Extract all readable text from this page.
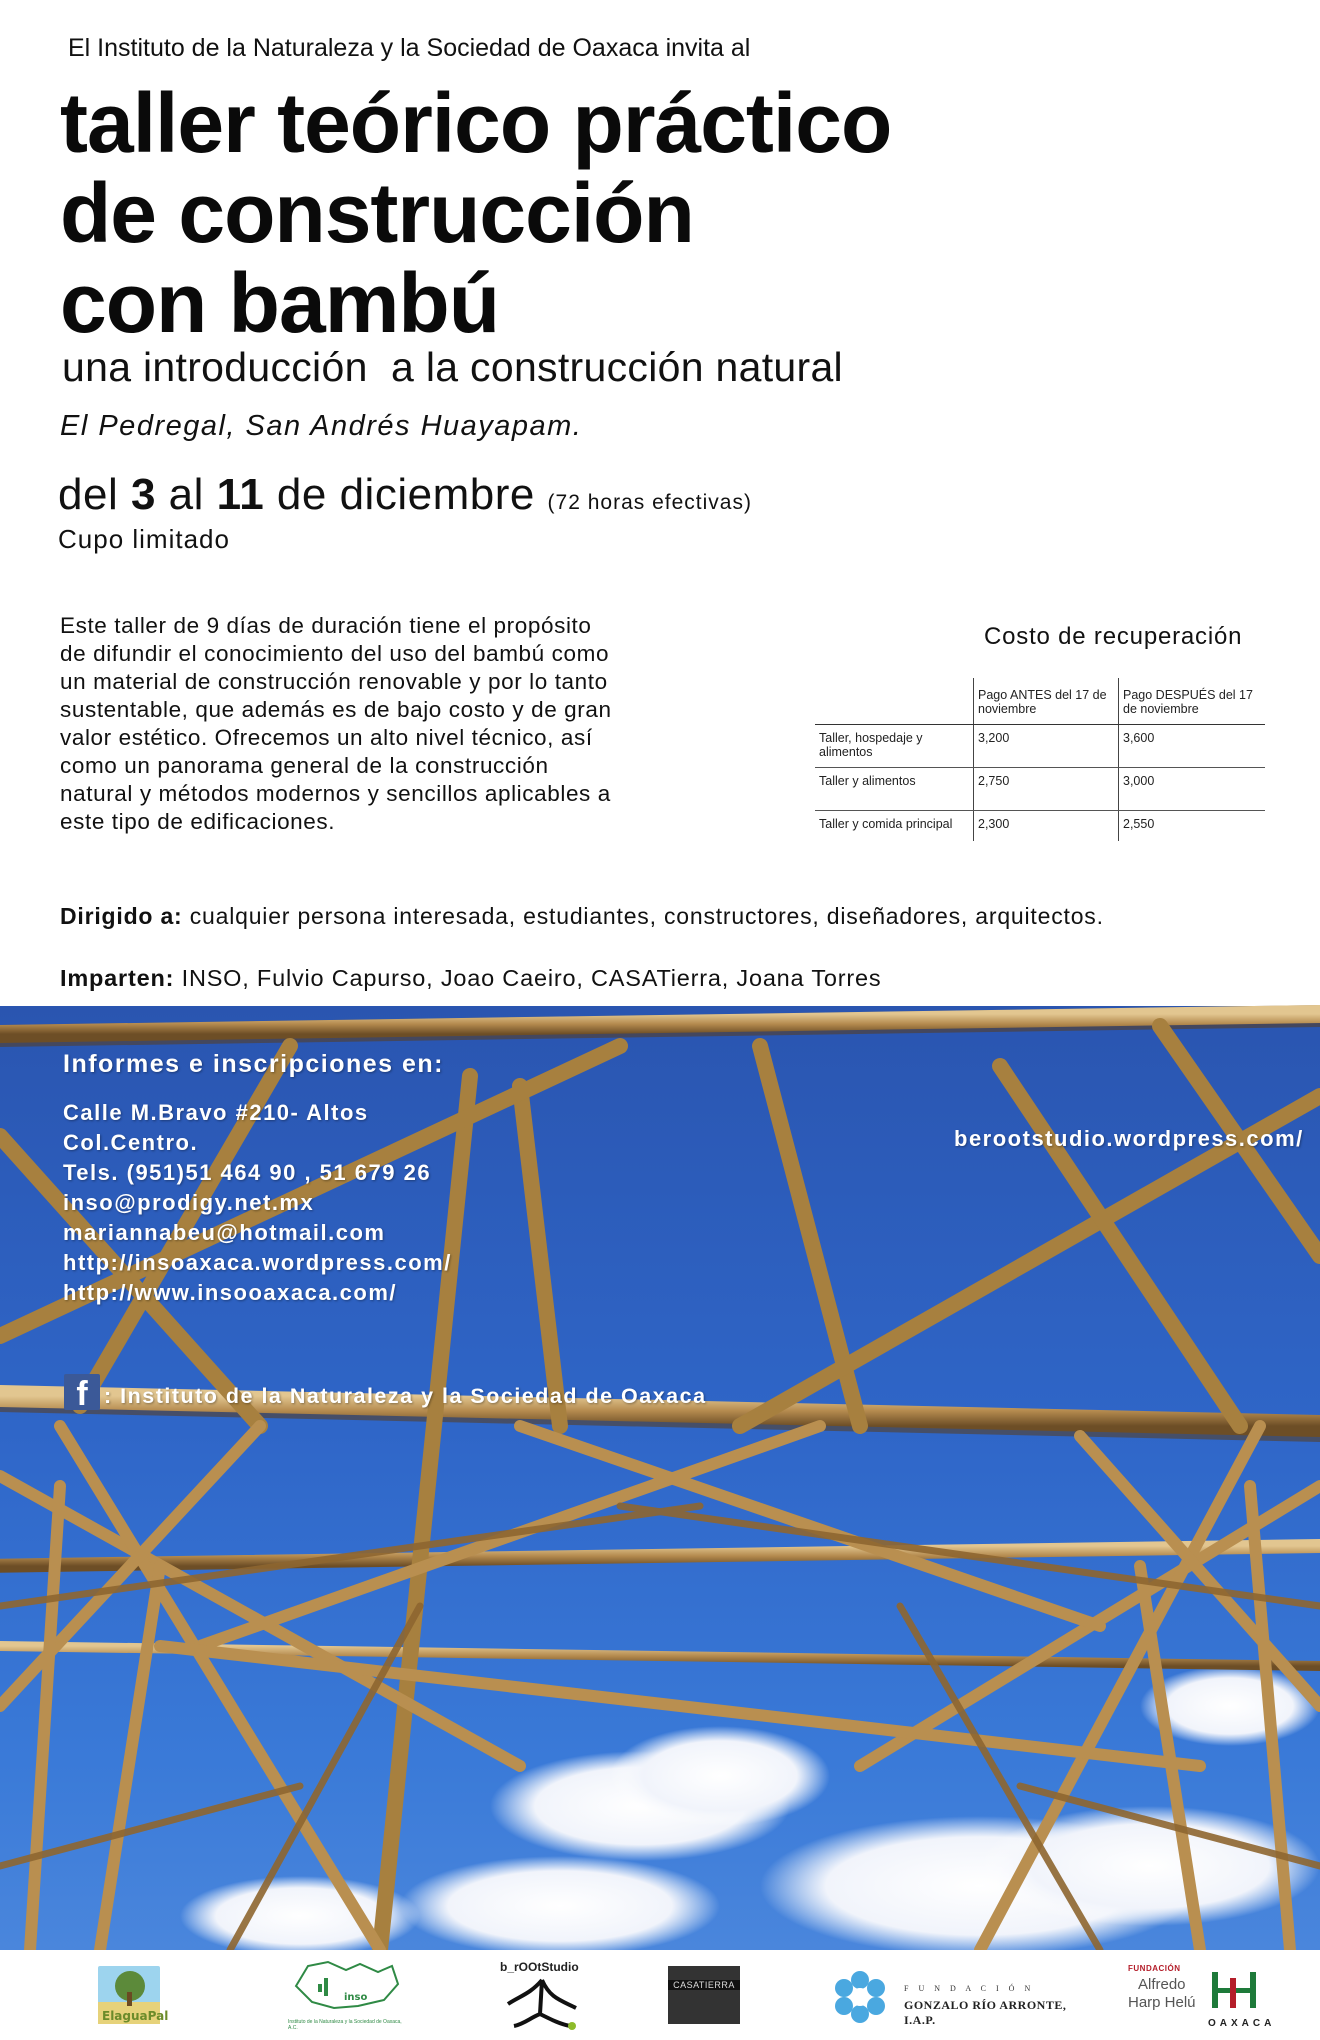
El Instituto de la Naturaleza y la Sociedad de Oaxaca invita al
taller teórico práctico
de construcción
con bambú
una introducción  a la construcción natural
El Pedregal, San Andrés Huayapam.
del 3 al 11 de diciembre (72 horas efectivas)
Cupo limitado
Este taller de 9 días de duración tiene el propósito de difundir el conocimiento del uso del bambú como un material de construcción renovable y por lo tanto sustentable, que además es de bajo costo y de gran valor estético. Ofrecemos un alto nivel técnico, así como un panorama general de la construcción natural y métodos modernos y sencillos aplicables a este tipo de edificaciones.
Costo de recuperación
	Pago ANTES del 17 de noviembre	Pago DESPUÉS del 17 de noviembre
Taller, hospedaje y alimentos	3,200	3,600
Taller y alimentos	2,750	3,000
Taller y comida principal	2,300	2,550
Dirigido a: cualquier persona interesada, estudiantes, constructores, diseñadores, arquitectos.
Imparten: INSO, Fulvio Capurso, Joao Caeiro, CASATierra, Joana Torres
Informes e inscripciones en:
Calle M.Bravo #210- Altos
Col.Centro.
Tels. (951)51 464 90 , 51 679 26
inso@prodigy.net.mx
mariannabeu@hotmail.com
http://insoaxaca.wordpress.com/
http://www.insooaxaca.com/
berootstudio.wordpress.com/
f : Instituto de la Naturaleza y la Sociedad de Oaxaca
ElaguaPal
inso
Instituto de la Naturaleza y la Sociedad de Oaxaca, A.C.
b_rOOtStudio
CASATIERRA	F U N D A C I Ó N
GONZALO RÍO ARRONTE, I.A.P.
FUNDACIÓN
Alfredo
Harp Helú
OAXACA
